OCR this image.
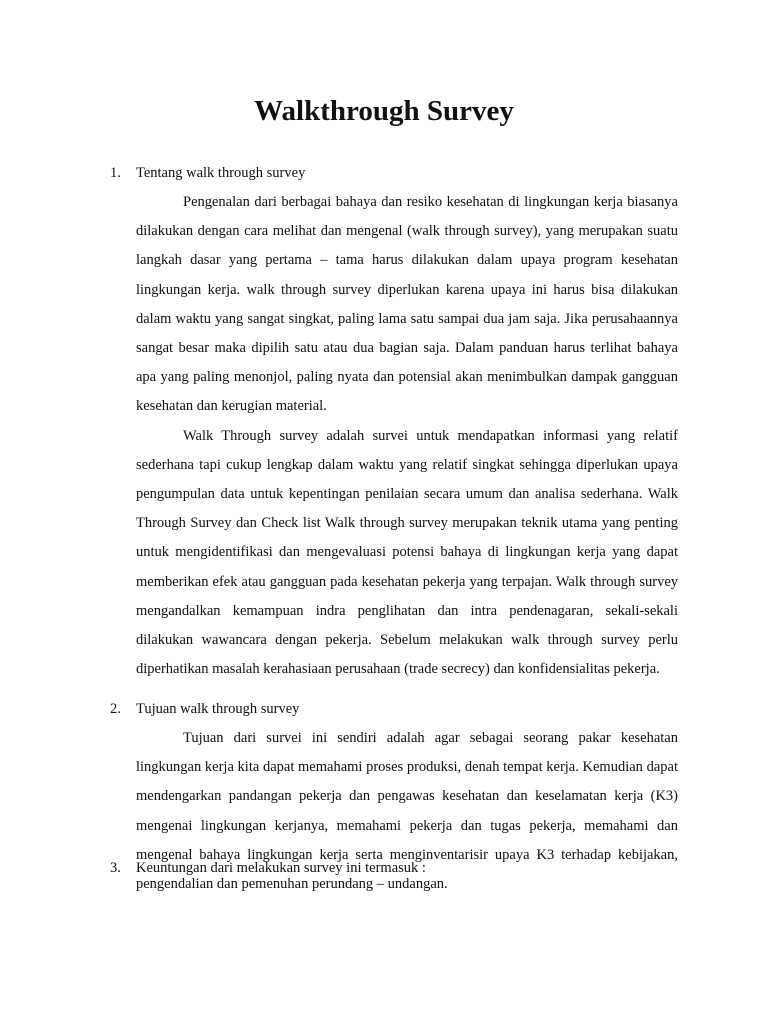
Walkthrough Survey
1. Tentang walk through survey

Pengenalan dari berbagai bahaya dan resiko kesehatan di lingkungan kerja biasanya dilakukan dengan cara melihat dan mengenal (walk through survey), yang merupakan suatu langkah dasar yang pertama – tama harus dilakukan dalam upaya program kesehatan lingkungan kerja. walk through survey diperlukan karena upaya ini harus bisa dilakukan dalam waktu yang sangat singkat, paling lama satu sampai dua jam saja. Jika perusahaannya sangat besar maka dipilih satu atau dua bagian saja. Dalam panduan harus terlihat bahaya apa yang paling menonjol, paling nyata dan potensial akan menimbulkan dampak gangguan kesehatan dan kerugian material.

Walk Through survey adalah survei untuk mendapatkan informasi yang relatif sederhana tapi cukup lengkap dalam waktu yang relatif singkat sehingga diperlukan upaya pengumpulan data untuk kepentingan penilaian secara umum dan analisa sederhana. Walk Through Survey dan Check list Walk through survey merupakan teknik utama yang penting untuk mengidentifikasi dan mengevaluasi potensi bahaya di lingkungan kerja yang dapat memberikan efek atau gangguan pada kesehatan pekerja yang terpajan. Walk through survey mengandalkan kemampuan indra penglihatan dan intra pendenagaran, sekali-sekali dilakukan wawancara dengan pekerja. Sebelum melakukan walk through survey perlu diperhatikan masalah kerahasiaan perusahaan (trade secrecy) dan konfidensialitas pekerja.

2. Tujuan walk through survey

Tujuan dari survei ini sendiri adalah agar sebagai seorang pakar kesehatan lingkungan kerja kita dapat memahami proses produksi, denah tempat kerja. Kemudian dapat mendengarkan pandangan pekerja dan pengawas kesehatan dan keselamatan kerja (K3) mengenai lingkungan kerjanya, memahami pekerja dan tugas pekerja, memahami dan mengenal bahaya lingkungan kerja serta menginventarisir upaya K3 terhadap kebijakan, pengendalian dan pemenuhan perundang – undangan.

3. Keuntungan dari melakukan survey ini termasuk :
